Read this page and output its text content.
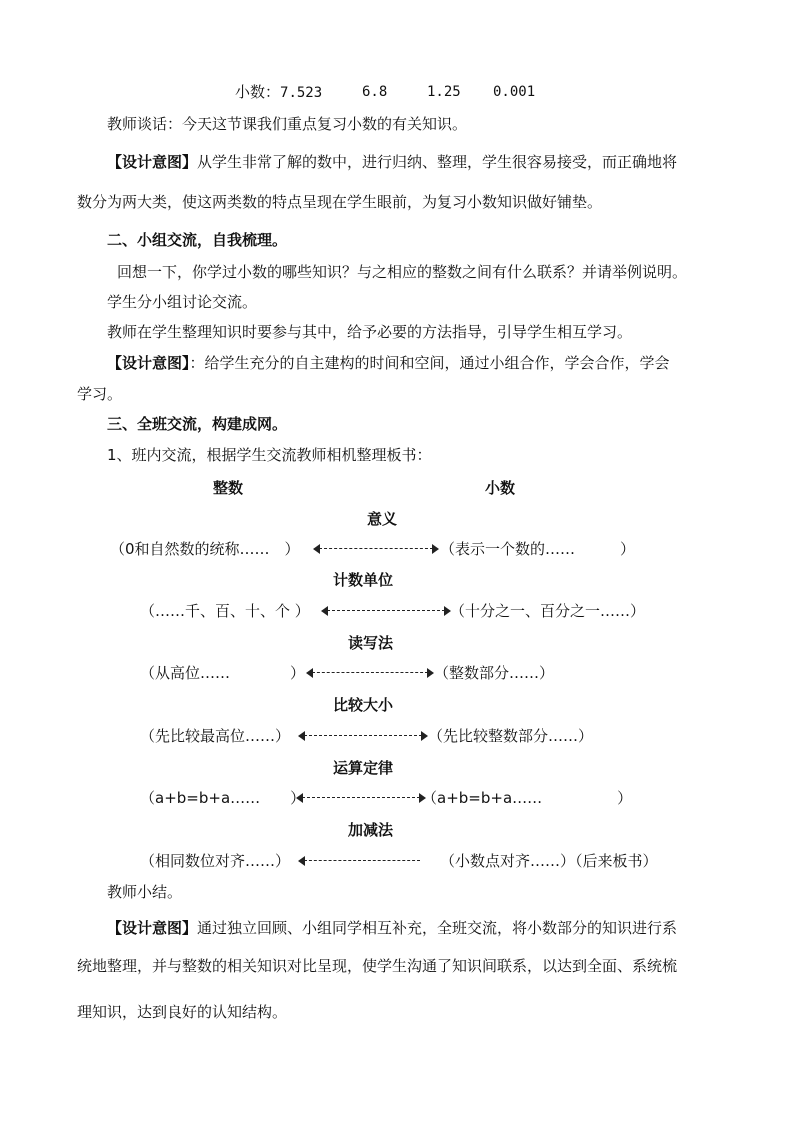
小数：7.523	6.8	1.25 0.001
教师谈话：今天这节课我们重点复习小数的有关知识。
【设计意图】从学生非常了解的数中，进行归纳、整理，学生很容易接受，而正确地将
数分为两大类，使这两类数的特点呈现在学生眼前，为复习小数知识做好铺垫。
二、小组交流，自我梳理。
回想一下，你学过小数的哪些知识？与之相应的整数之间有什么联系？并请举例说明。
学生分小组讨论交流。
教师在学生整理知识时要参与其中，给予必要的方法指导，引导学生相互学习。
【设计意图】：给学生充分的自主建构的时间和空间，通过小组合作，学会合作，学会
学习。
三、全班交流，构建成网。
1、班内交流，根据学生交流教师相机整理板书：
整数	小数
意义
（0和自然数的统称……　）	（表示一个数的……　　　）
计数单位
（……千、百、十、个 ）	（十分之一、百分之一……）
读写法
（从高位……　　　　）	（整数部分……）
比较大小
（先比较最高位……）	（先比较整数部分……）
运算定律
（a+b=b+a……　　）	（a+b=b+a……　　　　　）
加减法
（相同数位对齐……）	（小数点对齐……）（后来板书）
教师小结。
【设计意图】通过独立回顾、小组同学相互补充，全班交流，将小数部分的知识进行系
统地整理，并与整数的相关知识对比呈现，使学生沟通了知识间联系，以达到全面、系统梳
理知识，达到良好的认知结构。
